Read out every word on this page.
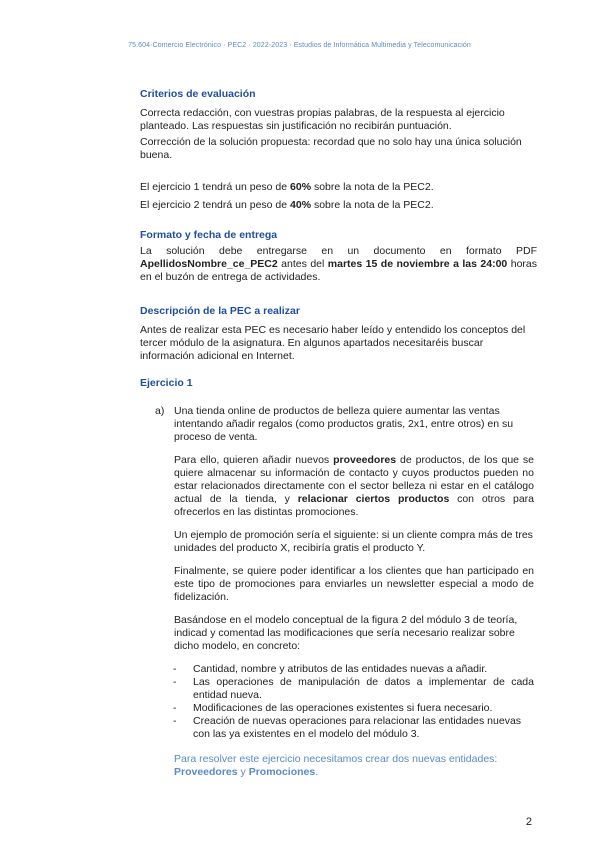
75.604·Comercio Electrónico · PEC2 · 2022-2023 · Estudios de Informática Multimedia y Telecomunicación
Criterios de evaluación

Correcta redacción, con vuestras propias palabras, de la respuesta al ejercicio planteado. Las respuestas sin justificación no recibirán puntuación.

Corrección de la solución propuesta: recordad que no solo hay una única solución buena.

El ejercicio 1 tendrá un peso de 60% sobre la nota de la PEC2.
El ejercicio 2 tendrá un peso de 40% sobre la nota de la PEC2.
Formato y fecha de entrega

La solución debe entregarse en un documento en formato PDF ApellidosNombre_ce_PEC2 antes del martes 15 de noviembre a las 24:00 horas en el buzón de entrega de actividades.

Descripción de la PEC a realizar

Antes de realizar esta PEC es necesario haber leído y entendido los conceptos del tercer módulo de la asignatura. En algunos apartados necesitaréis buscar información adicional en Internet.

Ejercicio 1
a) Una tienda online de productos de belleza quiere aumentar las ventas intentando añadir regalos (como productos gratis, 2x1, entre otros) en su proceso de venta.

Para ello, quieren añadir nuevos proveedores de productos, de los que se quiere almacenar su información de contacto y cuyos productos pueden no estar relacionados directamente con el sector belleza ni estar en el catálogo actual de la tienda, y relacionar ciertos productos con otros para ofrecerlos en las distintas promociones.

Un ejemplo de promoción sería el siguiente: si un cliente compra más de tres unidades del producto X, recibiría gratis el producto Y.

Finalmente, se quiere poder identificar a los clientes que han participado en este tipo de promociones para enviarles un newsletter especial a modo de fidelización.

Basándose en el modelo conceptual de la figura 2 del módulo 3 de teoría, indicad y comentad las modificaciones que sería necesario realizar sobre dicho modelo, en concreto:

- Cantidad, nombre y atributos de las entidades nuevas a añadir.
- Las operaciones de manipulación de datos a implementar de cada entidad nueva.
- Modificaciones de las operaciones existentes si fuera necesario.
- Creación de nuevas operaciones para relacionar las entidades nuevas con las ya existentes en el modelo del módulo 3.

Para resolver este ejercicio necesitamos crear dos nuevas entidades: Proveedores y Promociones.

2
